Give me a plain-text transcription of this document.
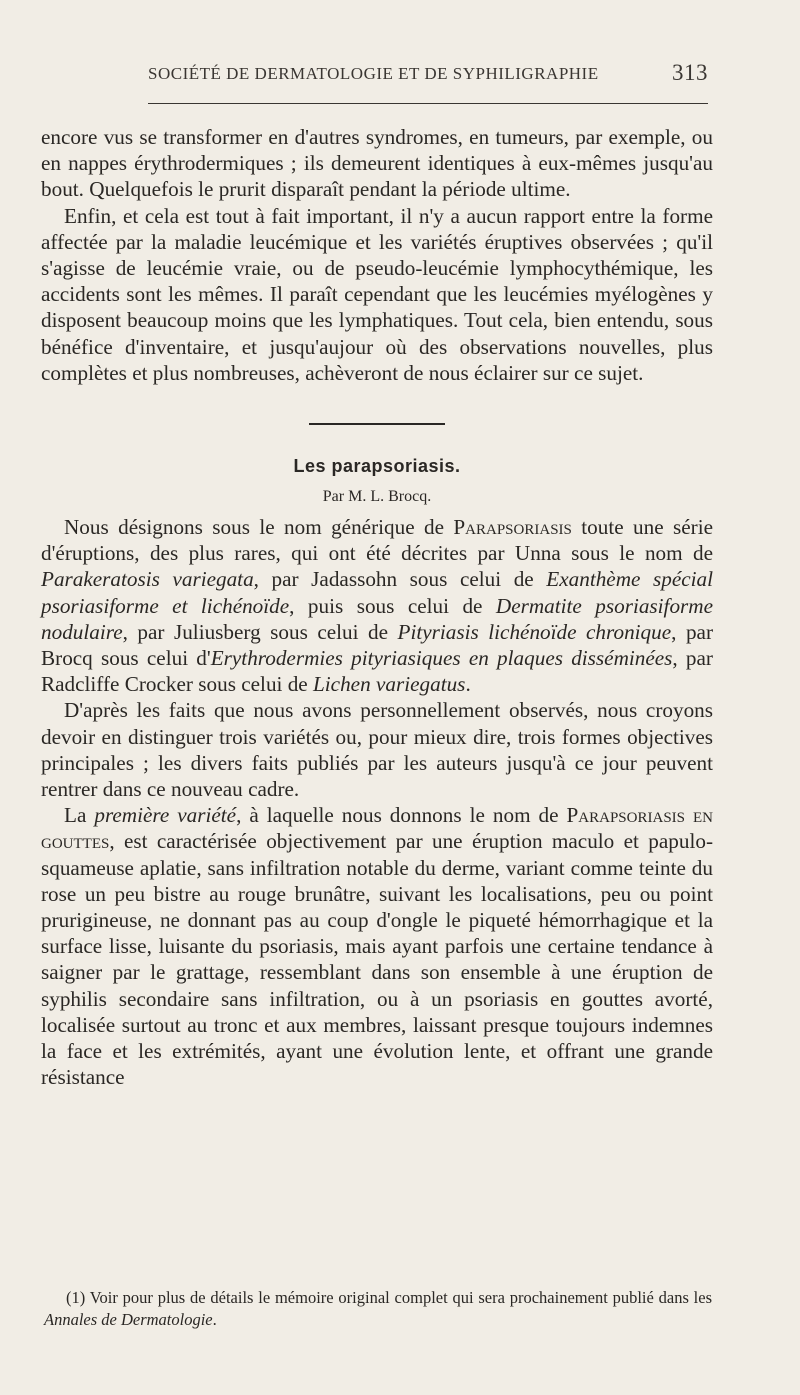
SOCIÉTÉ DE DERMATOLOGIE ET DE SYPHILIGRAPHIE	313

encore vus se transformer en d'autres syndromes, en tumeurs, par exemple, ou en nappes érythrodermiques ; ils demeurent identiques à eux-mêmes jusqu'au bout. Quelquefois le prurit disparaît pendant la période ultime.

Enfin, et cela est tout à fait important, il n'y a aucun rapport entre la forme affectée par la maladie leucémique et les variétés éruptives observées ; qu'il s'agisse de leucémie vraie, ou de pseudo-leucémie lymphocythémique, les accidents sont les mêmes. Il paraît cependant que les leucémies myélogènes y disposent beaucoup moins que les lymphatiques. Tout cela, bien entendu, sous bénéfice d'inventaire, et jusqu'aujour où des observations nouvelles, plus complètes et plus nombreuses, achèveront de nous éclairer sur ce sujet.

Les parapsoriasis.
Par M. L. Brocq.

Nous désignons sous le nom générique de Parapsoriasis toute une série d'éruptions, des plus rares, qui ont été décrites par Unna sous le nom de Parakeratosis variegata, par Jadassohn sous celui de Exanthème spécial psoriasiforme et lichénoïde, puis sous celui de Dermatite psoriasiforme nodulaire, par Juliusberg sous celui de Pityriasis lichénoïde chronique, par Brocq sous celui d'Erythrodermies pityriasiques en plaques disséminées, par Radcliffe Crocker sous celui de Lichen variegatus.

D'après les faits que nous avons personnellement observés, nous croyons devoir en distinguer trois variétés ou, pour mieux dire, trois formes objectives principales ; les divers faits publiés par les auteurs jusqu'à ce jour peuvent rentrer dans ce nouveau cadre.

La première variété, à laquelle nous donnons le nom de Parapsoriasis en gouttes, est caractérisée objectivement par une éruption maculo et papulo-squameuse aplatie, sans infiltration notable du derme, variant comme teinte du rose un peu bistre au rouge brunâtre, suivant les localisations, peu ou point prurigineuse, ne donnant pas au coup d'ongle le piqueté hémorrhagique et la surface lisse, luisante du psoriasis, mais ayant parfois une certaine tendance à saigner par le grattage, ressemblant dans son ensemble à une éruption de syphilis secondaire sans infiltration, ou à un psoriasis en gouttes avorté, localisée surtout au tronc et aux membres, laissant presque toujours indemnes la face et les extrémités, ayant une évolution lente, et offrant une grande résistance

(1) Voir pour plus de détails le mémoire original complet qui sera prochainement publié dans les Annales de Dermatologie.
